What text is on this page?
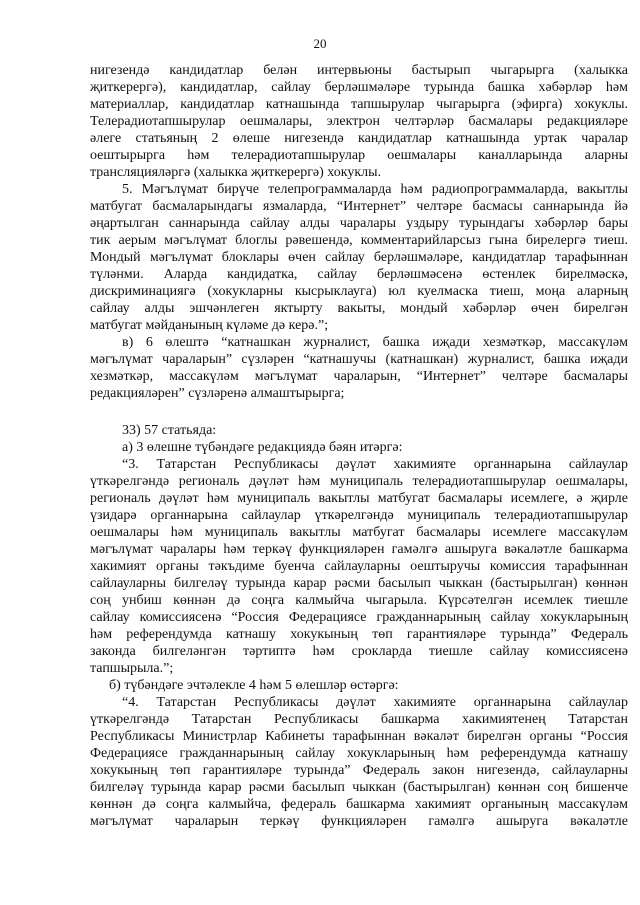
20
нигезендә кандидатлар белән интервьюны бастырып чыгарырга (халыкка
җиткерергә), кандидатлар, сайлау берләшмәләре турында башка хәбәрләр һәм
материаллар, кандидатлар катнашында тапшырулар чыгарырга (эфирга) хокуклы.
Телерадиотапшырулар оешмалары, электрон челтәрләр басмалары редакцияләре
әлеге статьяның 2 өлеше нигезендә кандидатлар катнашында уртак чаралар
оештырырга һәм телерадиотапшырулар оешмалары каналларында аларны
трансляцияләргә (халыкка җиткерергә) хокуклы.
5. Мәгълүмат бирүче телепрограммаларда һәм радиопрограммаларда, вакытлы
матбугат басмаларындагы язмаларда, “Интернет” челтәре басмасы саннарында йә
әңартылган саннарында сайлау алды чаралары уздыру турындагы хәбәрләр бары
тик аерым мәгълүмат блоглы рәвешендә, комментарийларсыз гына бирелергә тиеш.
Мондый мәгълүмат блоклары өчен сайлау берләшмәләре, кандидатлар тарафыннан
түләнми. Аларда кандидатка, сайлау берләшмәсенә өстенлек бирелмәскә,
дискриминациягә (хокукларны кысрыклауга) юл куелмаска тиеш, моңа аларның
сайлау алды эшчәнлеген яктырту вакыты, мондый хәбәрләр өчен бирелгән
матбугат мәйданының күләме дә керә.”;
в) 6 өлештә “катнашкан журналист, башка иҗади хезмәткәр, массакүләм
мәгълүмат чараларын” сүзләрен “катнашучы (катнашкан) журналист, башка иҗади
хезмәткәр, массакүләм мәгълүмат чараларын, “Интернет” челтәре басмалары
редакцияләрен” сүзләренә алмаштырырга;
33) 57 статьяда:
а) 3 өлешне түбәндәге редакциядә бәян итәргә:
“3. Татарстан Республикасы дәүләт хакимияте органнарына сайлаулар
үткәрелгәндә региональ дәүләт һәм муниципаль телерадиотапшырулар оешмалары,
региональ дәүләт һәм муниципаль вакытлы матбугат басмалары исемлеге, ә җирле
үзидарә органнарына сайлаулар үткәрелгәндә муниципаль телерадиотапшырулар
оешмалары һәм муниципаль вакытлы матбугат басмалары исемлеге массакүләм
мәгълүмат чаралары һәм теркәү функцияләрен гамәлгә ашыруга вәкаләтле башкарма
хакимият органы тәкъдиме буенча сайлауларны оештыручы комиссия тарафыннан
сайлауларны билгеләү турында карар рәсми басылып чыккан (бастырылган) көннән
соң унбиш көннән дә соңга калмыйча чыгарыла. Күрсәтелгән исемлек тиешле
сайлау комиссиясенә “Россия Федерациясе гражданнарының сайлау хокукларының
һәм референдумда катнашу хокукының төп гарантияләре турында” Федераль
законда билгеләнгән тәртиптә һәм срокларда тиешле сайлау комиссиясенә
тапшырыла.”;
б) түбәндәге эчтәлекле 4 һәм 5 өлешләр өстәргә:
“4. Татарстан Республикасы дәүләт хакимияте органнарына сайлаулар
үткәрелгәндә Татарстан Республикасы башкарма хакимиятенең Татарстан
Республикасы Министрлар Кабинеты тарафыннан вәкаләт бирелгән органы “Россия
Федерациясе гражданнарының сайлау хокукларының һәм референдумда катнашу
хокукының төп гарантияләре турында” Федераль закон нигезендә, сайлауларны
билгеләү турында карар рәсми басылып чыккан (бастырылган) көннән соң бишенче
көннән дә соңга калмыйча, федераль башкарма хакимият органының массакүләм
мәгълүмат чараларын теркәү функцияләрен гамәлгә ашыруга вәкаләтле
